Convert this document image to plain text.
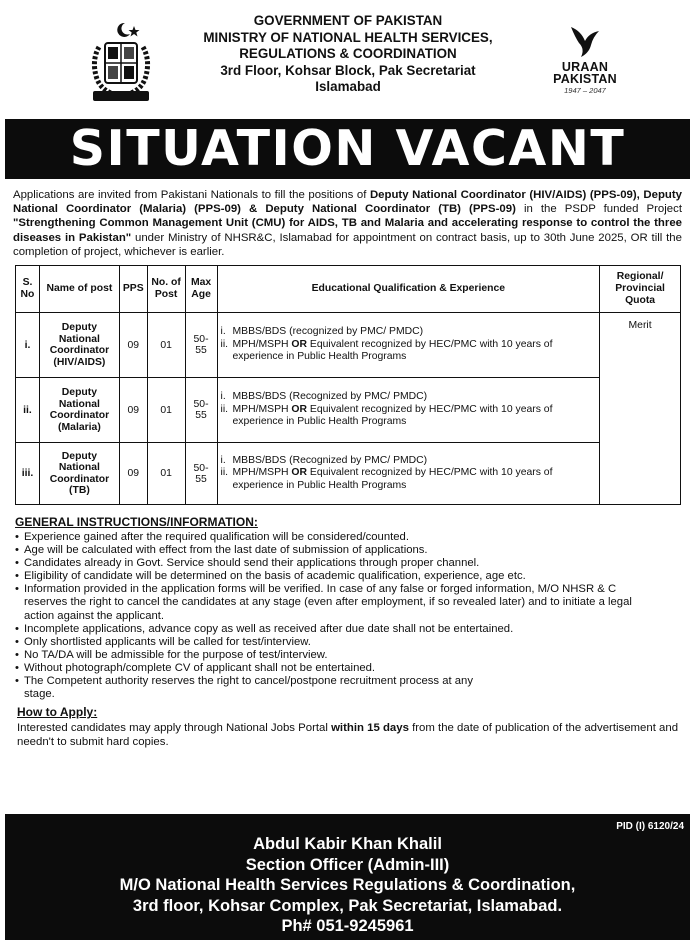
GOVERNMENT OF PAKISTAN
MINISTRY OF NATIONAL HEALTH SERVICES,
REGULATIONS & COORDINATION
3rd Floor, Kohsar Block, Pak Secretariat
Islamabad
URAAN PAKISTAN
1947 – 2047
SITUATION VACANT
Applications are invited from Pakistani Nationals to fill the positions of Deputy National Coordinator (HIV/AIDS) (PPS-09), Deputy National Coordinator (Malaria) (PPS-09) & Deputy National Coordinator (TB) (PPS-09) in the PSDP funded Project "Strengthening Common Management Unit (CMU) for AIDS, TB and Malaria and accelerating response to control the three diseases in Pakistan" under Ministry of NHSR&C, Islamabad for appointment on contract basis, up to 30th June 2025, OR till the completion of project, whichever is earlier.
S. No	Name of post	PPS	No. of Post	Max Age	Educational Qualification & Experience	Regional/ Provincial Quota
i.	Deputy National Coordinator (HIV/AIDS)	09	01	50-55	i. MBBS/BDS (recognized by PMC/ PMDC)
ii. MPH/MSPH OR Equivalent recognized by HEC/PMC with 10 years of experience in Public Health Programs	Merit
ii.	Deputy National Coordinator (Malaria)	09	01	50-55	i. MBBS/BDS (Recognized by PMC/ PMDC)
ii. MPH/MSPH OR Equivalent recognized by HEC/PMC with 10 years of experience in Public Health Programs	

iii.	Deputy National Coordinator (TB)	09	01	50-55	i. MBBS/BDS (Recognized by PMC/ PMDC)
ii. MPH/MSPH OR Equivalent recognized by HEC/PMC with 10 years of experience in Public Health Programs	
GENERAL INSTRUCTIONS/INFORMATION:
• Experience gained after the required qualification will be considered/counted.
• Age will be calculated with effect from the last date of submission of applications.
• Candidates already in Govt. Service should send their applications through proper channel.
• Eligibility of candidate will be determined on the basis of academic qualification, experience, age etc.
• Information provided in the application forms will be verified. In case of any false or forged information, M/O NHSR & C reserves the right to cancel the candidates at any stage (even after employment, if so revealed later) and to initiate a legal action against the applicant.
• Incomplete applications, advance copy as well as received after due date shall not be entertained.
• Only shortlisted applicants will be called for test/interview.
• No TA/DA will be admissible for the purpose of test/interview.
• Without photograph/complete CV of applicant shall not be entertained.
• The Competent authority reserves the right to cancel/postpone recruitment process at any stage.
How to Apply:
Interested candidates may apply through National Jobs Portal within 15 days from the date of publication of the advertisement and needn't to submit hard copies.
PID (I) 6120/24
Abdul Kabir Khan Khalil
Section Officer (Admin-III)
M/O National Health Services Regulations & Coordination,
3rd floor, Kohsar Complex, Pak Secretariat, Islamabad.
Ph# 051-9245961
